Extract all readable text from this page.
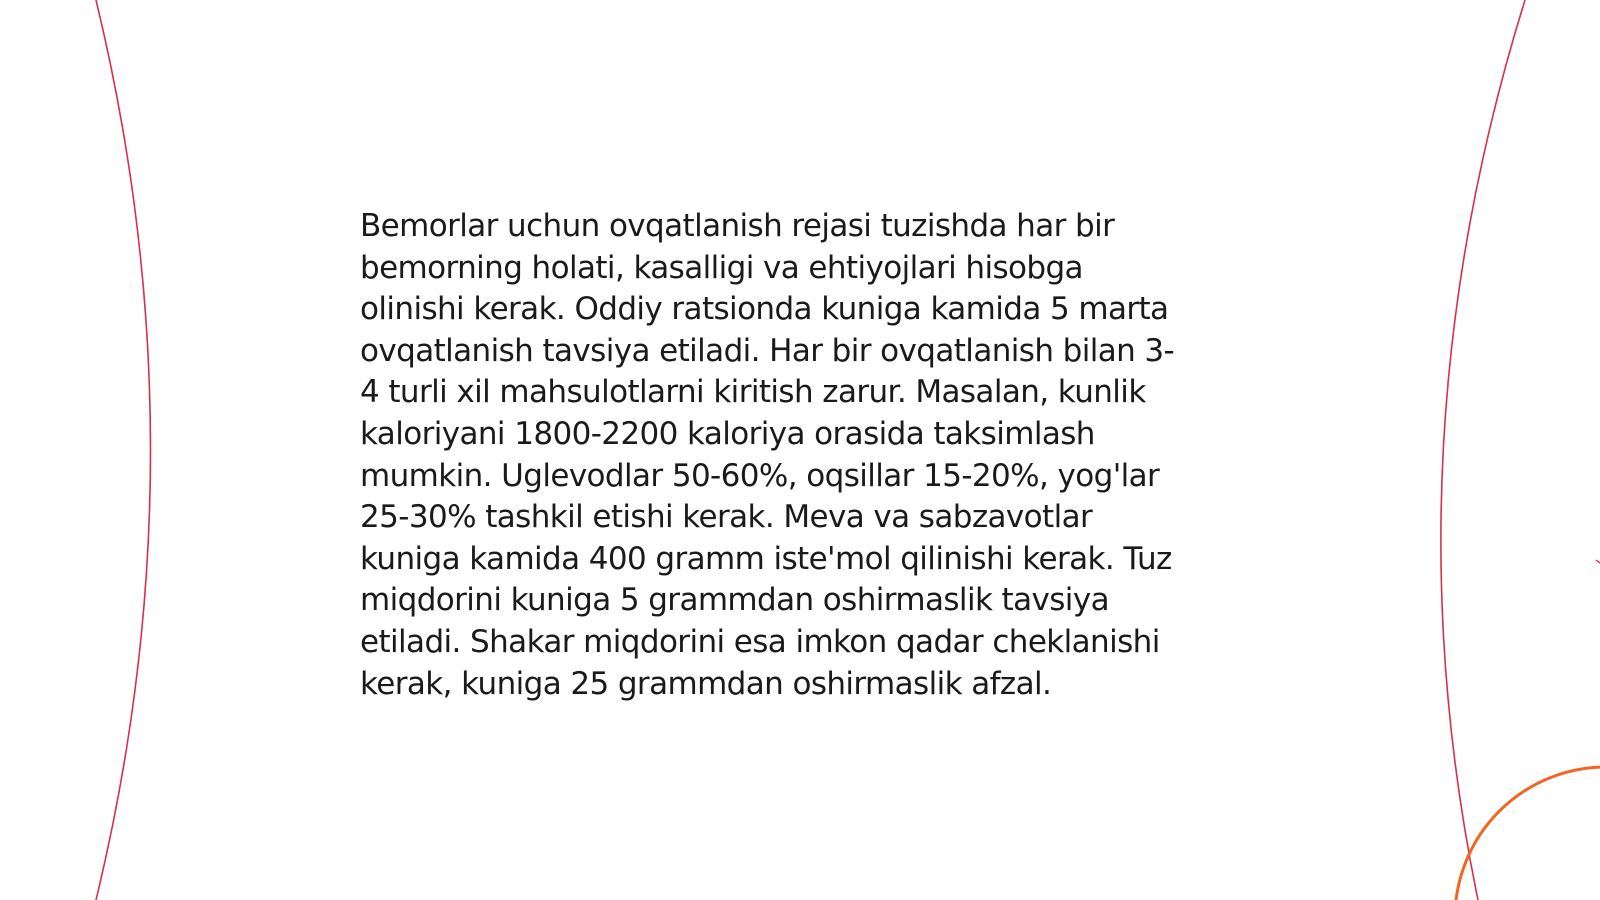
Bemorlar uchun ovqatlanish rejasi tuzishda har bir
bemorning holati, kasalligi va ehtiyojlari hisobga
olinishi kerak. Oddiy ratsionda kuniga kamida 5 marta
ovqatlanish tavsiya etiladi. Har bir ovqatlanish bilan 3-
4 turli xil mahsulotlarni kiritish zarur. Masalan, kunlik
kaloriyani 1800-2200 kaloriya orasida taksimlash
mumkin. Uglevodlar 50-60%, oqsillar 15-20%, yog'lar
25-30% tashkil etishi kerak. Meva va sabzavotlar
kuniga kamida 400 gramm iste'mol qilinishi kerak. Tuz
miqdorini kuniga 5 grammdan oshirmaslik tavsiya
etiladi. Shakar miqdorini esa imkon qadar cheklanishi
kerak, kuniga 25 grammdan oshirmaslik afzal.
